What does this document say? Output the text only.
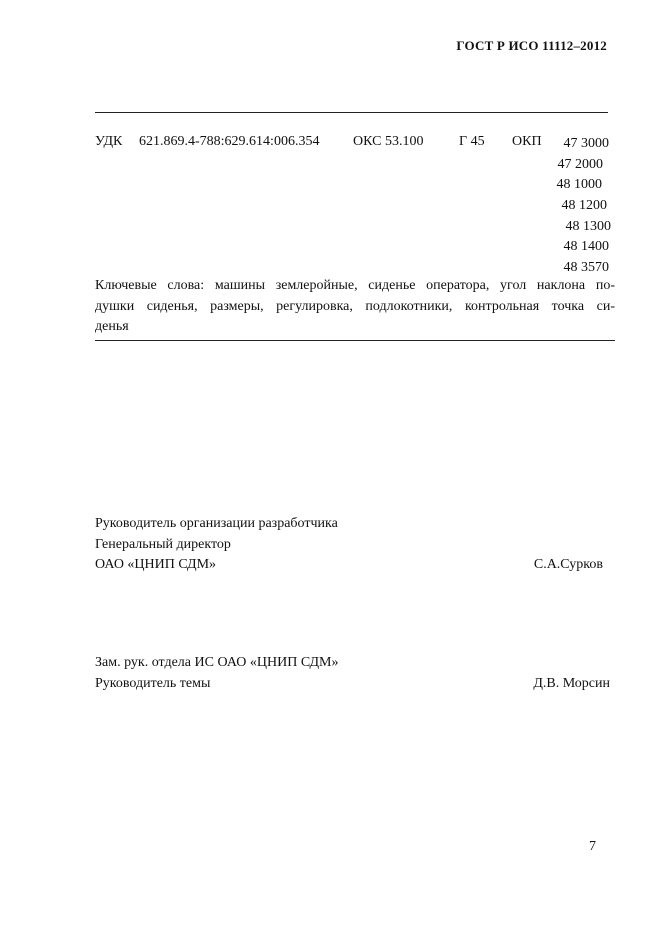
ГОСТ Р ИСО 11112–2012
УДК 621.869.4-788:629.614:006.354 ОКС 53.100	Г 45 ОКП	47 3000
47 2000
48 1000
48 1200
48 1300
48 1400
48 3570

Ключевые слова: машины землеройные, сиденье оператора, угол наклона по-
душки сиденья, размеры, регулировка, подлокотники, контрольная точка си-
денья

Руководитель организации разработчика
Генеральный директор
ОАО «ЦНИП СДМ»	С.А.Сурков
Зам. рук. отдела ИС ОАО «ЦНИП СДМ»
Руководитель темы	Д.В. Морсин
7
